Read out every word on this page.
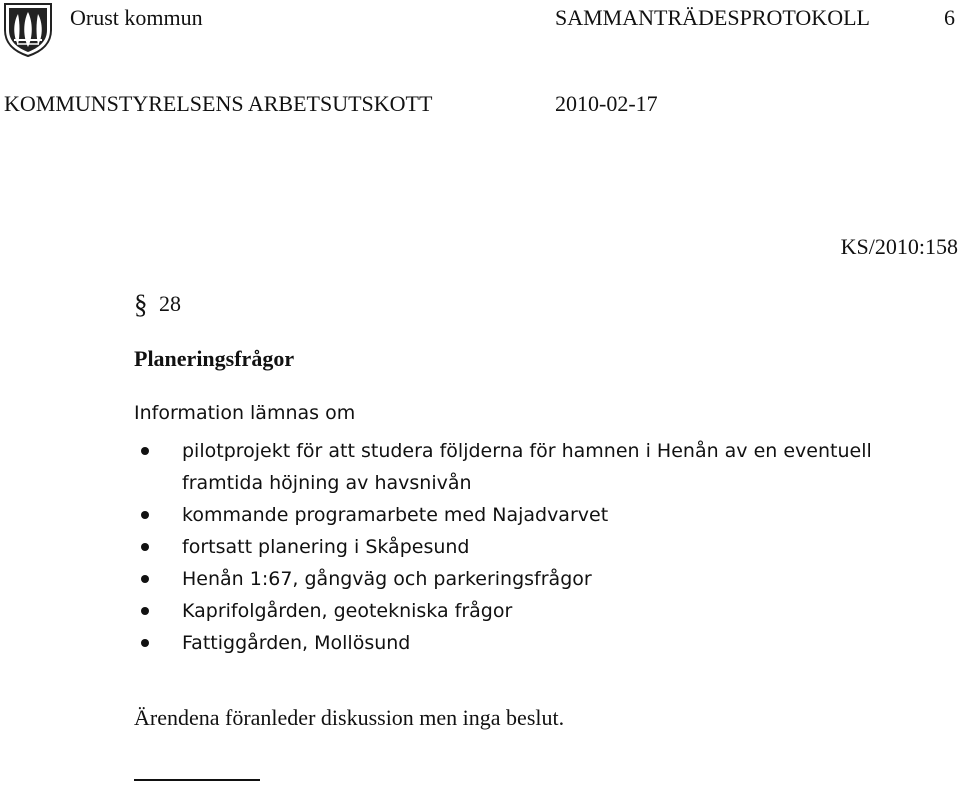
Orust kommun	SAMMANTRÄDESPROTOKOLL	6
KOMMUNSTYRELSENS ARBETSUTSKOTT	2010-02-17
KS/2010:158
§ 28
Planeringsfrågor
Information lämnas om
pilotprojekt för att studera följderna för hamnen i Henån av en eventuell framtida höjning av havsnivån
kommande programarbete med Najadvarvet
fortsatt planering i Skåpesund
Henån 1:67, gångväg och parkeringsfrågor
Kaprifolgården, geotekniska frågor
Fattiggården, Mollösund
Ärendena föranleder diskussion men inga beslut.
